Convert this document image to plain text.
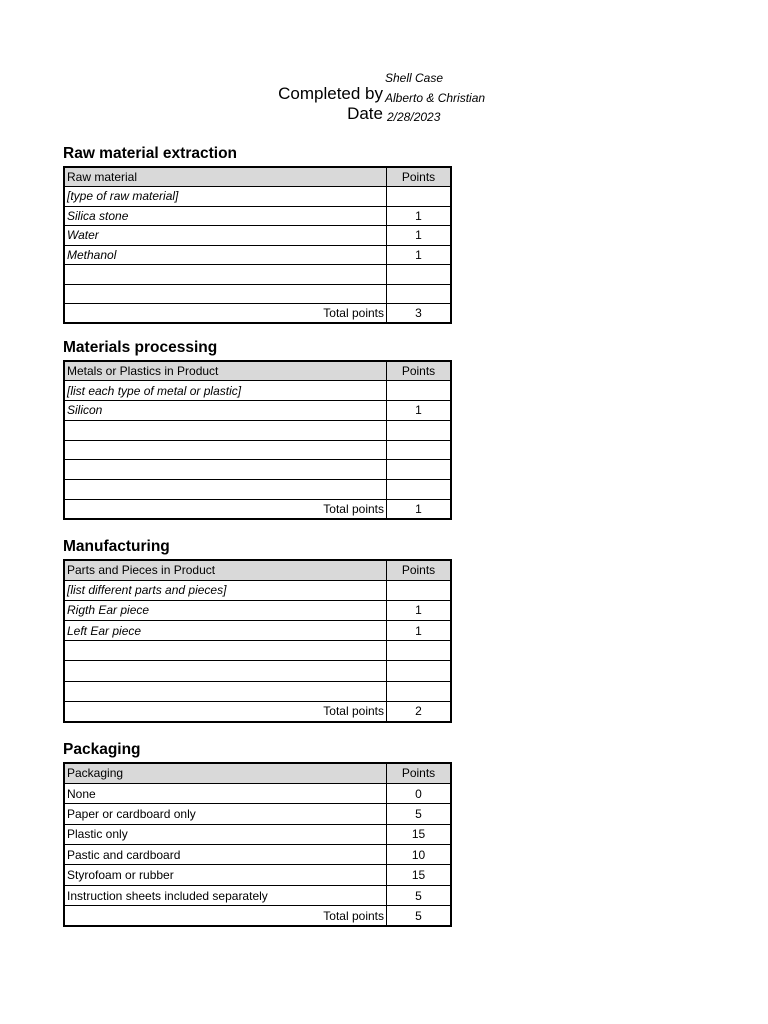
Shell Case
Completed by Alberto & Christian
Date 2/28/2023
Raw material extraction
Raw material	Points
[type of raw material]	
Silica stone	1
Water	1
Methanol	1

Total points	3
Materials processing
Metals or Plastics in Product	Points
[list each type of metal or plastic]	
Silicon	1

Total points	1
Manufacturing
Parts and Pieces in Product	Points
[list different parts and pieces]	
Rigth Ear piece	1
Left Ear piece	1

Total points	2
Packaging
Packaging	Points
None	0
Paper or cardboard only	5
Plastic only	15
Pastic and cardboard	10
Styrofoam or rubber	15
Instruction sheets included separately	5
Total points	5
